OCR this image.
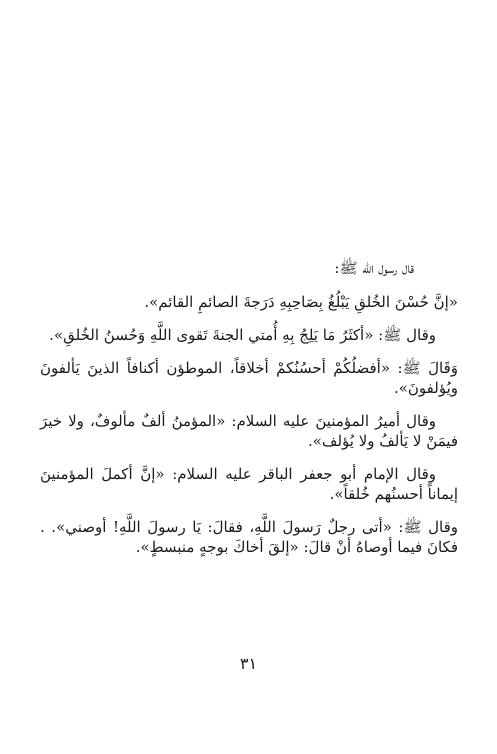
قال رسول الله ﷺ:

«إنَّ حُسْنَ الخُلقِ يَبْلُغُ بِصَاحِبِهِ دَرَجةَ الصائمِ القائم».

وقال ﷺ: «أكثَرُ مَا يَلِجُ بِهِ أُمتي الجنةَ تَقوى اللَّهِ وَحُسنُ الخُلقِ».

وَقَالَ ﷺ: «أفضلُكُمْ أحسُنُكمْ أخلاقاً، الموطؤن أكنافاً الذينَ يَألفونَ ويُؤلفونَ».

وقال أميرُ المؤمنينَ عليه السلام: «المؤمنُ ألفٌ مألوفٌ، ولا خيرَ فيمَنْ لا يَألفُ ولا يُؤلف».

وقال الإمام أبو جعفر الباقر عليه السلام: «إنَّ أكملَ المؤمنينَ إيماناً أحسنُهم خُلقاً».

وقال ﷺ: «أتى رجلٌ رَسولَ اللَّهِ، فقالَ: يَا رسولَ اللَّهِ! أوصني». . فكانَ فيما أوصاهُ أنْ قالَ: «إلقَ أخاكَ بوجهٍ منبسطٍ».

٣١
